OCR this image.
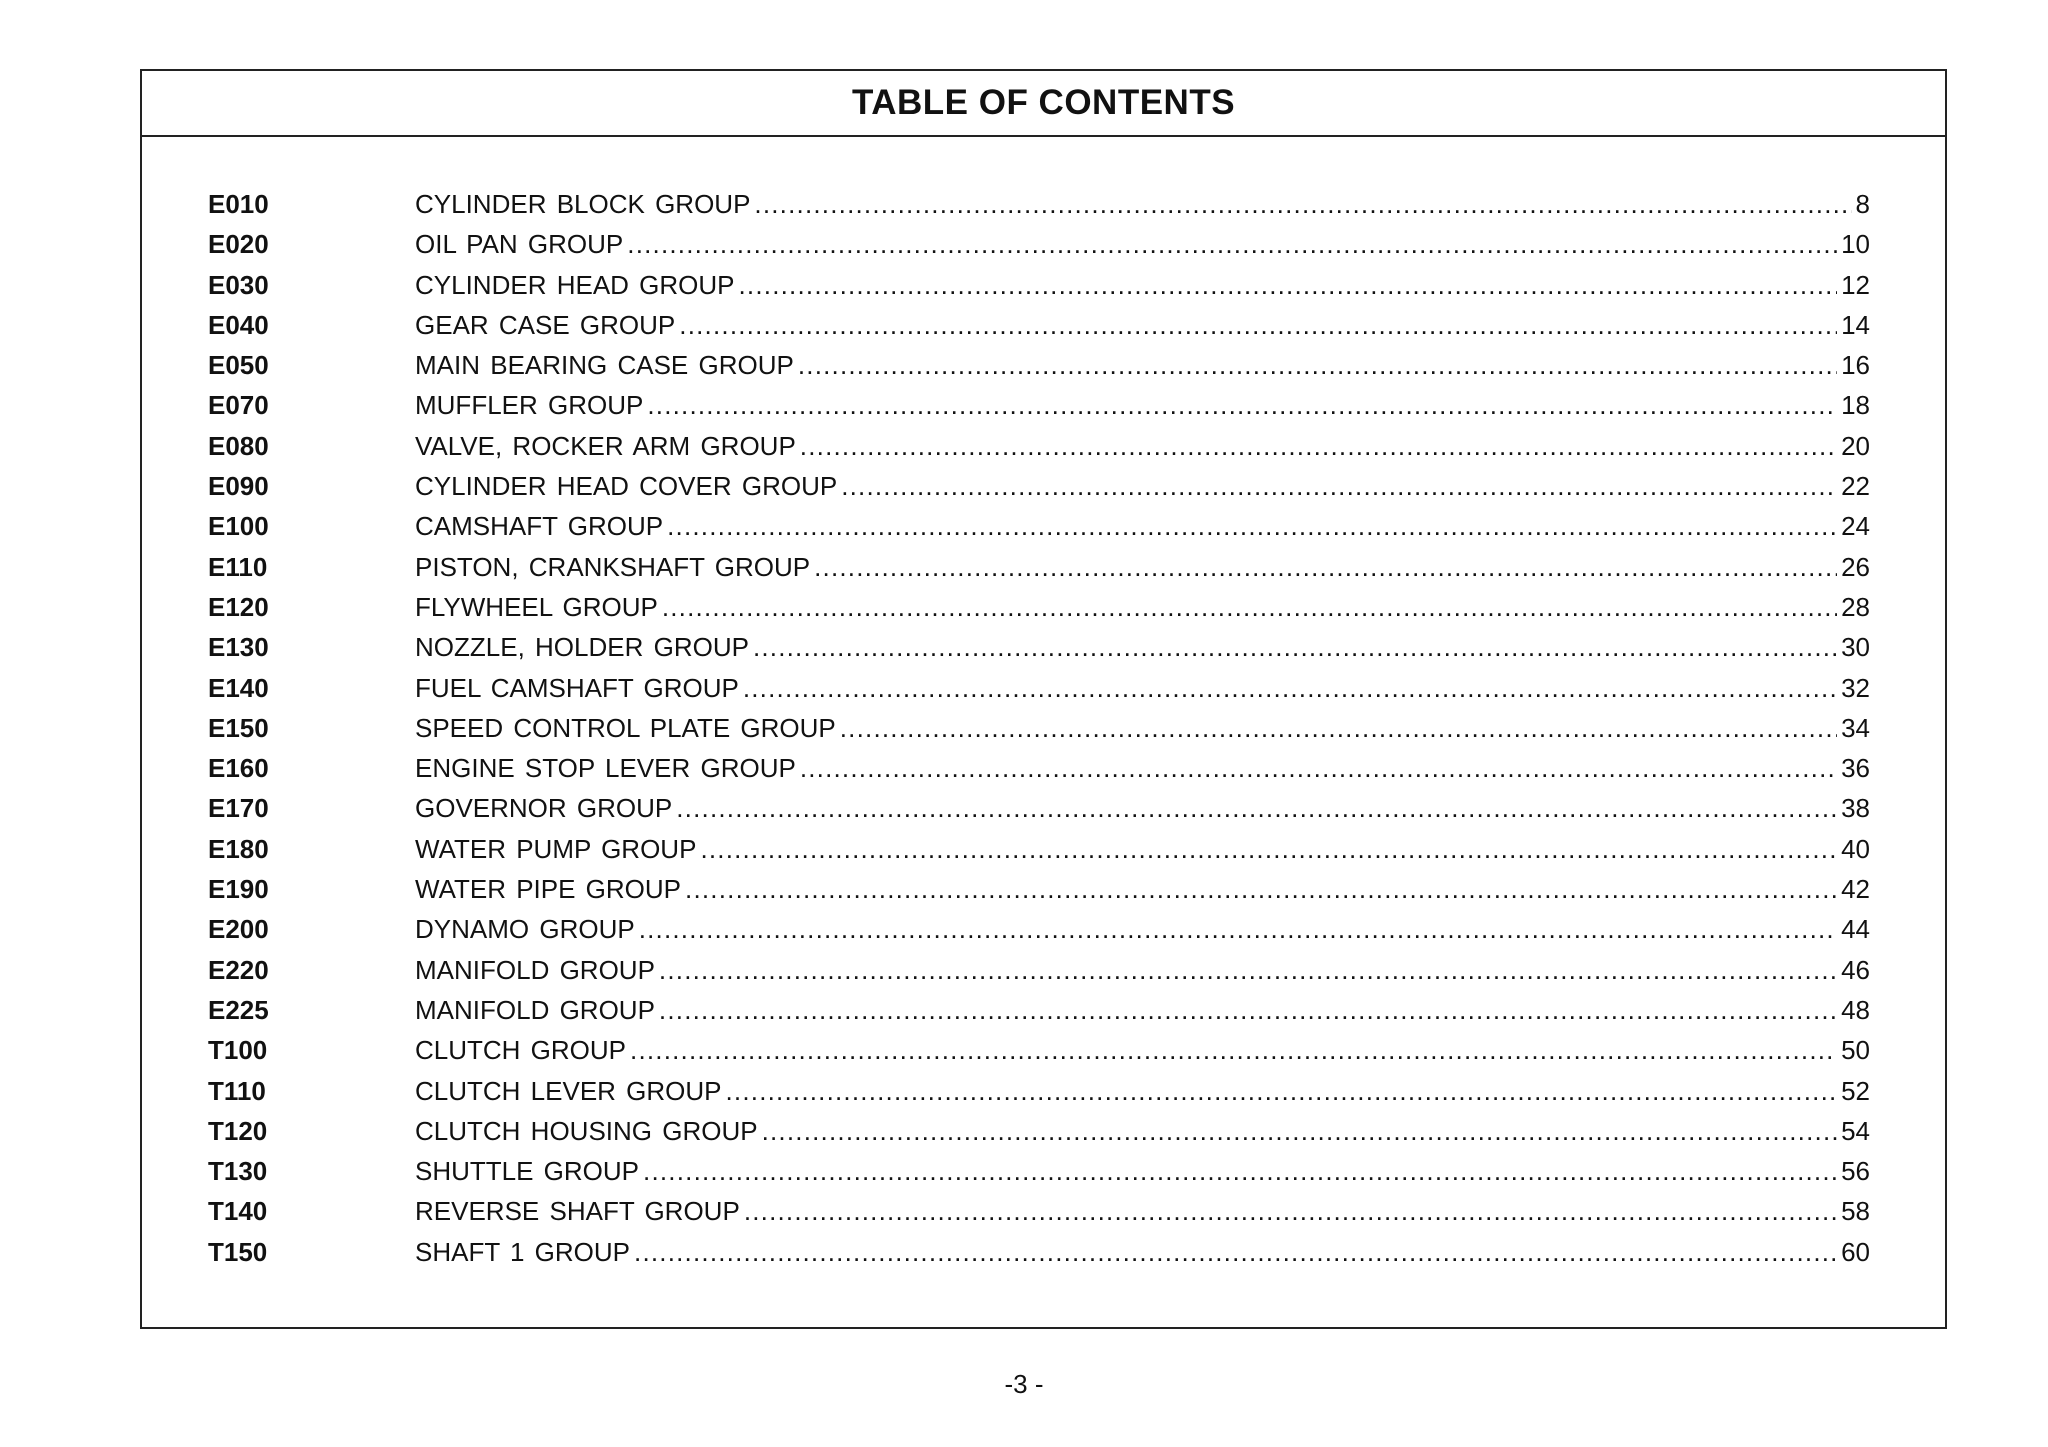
TABLE OF CONTENTS
E010	CYLINDER BLOCK GROUP .....	8
E020	OIL PAN GROUP .....	10
E030	CYLINDER HEAD GROUP .....	12
E040	GEAR CASE GROUP .....	14
E050	MAIN BEARING CASE GROUP .....	16
E070	MUFFLER GROUP .....	18
E080	VALVE, ROCKER ARM GROUP .....	20
E090	CYLINDER HEAD COVER GROUP .....	22
E100	CAMSHAFT GROUP .....	24
E110	PISTON, CRANKSHAFT GROUP .....	26
E120	FLYWHEEL GROUP .....	28
E130	NOZZLE, HOLDER GROUP .....	30
E140	FUEL CAMSHAFT GROUP .....	32
E150	SPEED CONTROL PLATE GROUP .....	34
E160	ENGINE STOP LEVER GROUP .....	36
E170	GOVERNOR GROUP .....	38
E180	WATER PUMP GROUP .....	40
E190	WATER PIPE GROUP .....	42
E200	DYNAMO GROUP .....	44
E220	MANIFOLD GROUP .....	46
E225	MANIFOLD GROUP .....	48
T100	CLUTCH GROUP .....	50
T110	CLUTCH LEVER GROUP .....	52
T120	CLUTCH HOUSING GROUP .....	54
T130	SHUTTLE GROUP .....	56
T140	REVERSE SHAFT GROUP .....	58
T150	SHAFT 1 GROUP .....	60
-3 -
